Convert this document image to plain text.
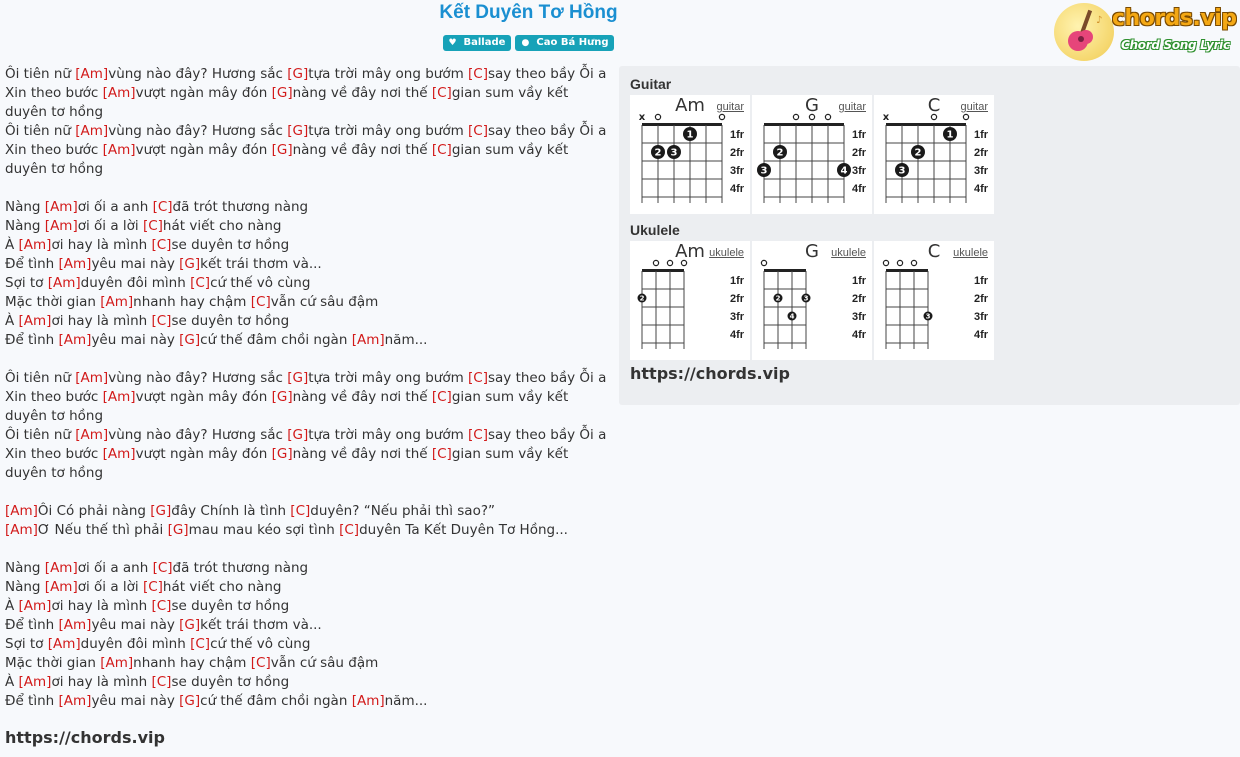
Kết Duyên Tơ Hồng
♥ Ballade ● Cao Bá Hưng
♪ chords.vip
Chord Song Lyric
Ôi tiên nữ [Am]vùng nào đây? Hương sắc [G]tựa trời mây ong bướm [C]say theo bầy Ỗi a
Xin theo bước [Am]vượt ngàn mây đón [G]nàng về đây nơi thế [C]gian sum vầy kết duyên tơ hồng
Ôi tiên nữ [Am]vùng nào đây? Hương sắc [G]tựa trời mây ong bướm [C]say theo bầy Ỗi a
Xin theo bước [Am]vượt ngàn mây đón [G]nàng về đây nơi thế [C]gian sum vầy kết duyên tơ hồng
Nàng [Am]ơi ối a anh [C]đã trót thương nàng
Nàng [Am]ơi ối a lời [C]hát viết cho nàng
À [Am]ơi hay là mình [C]se duyên tơ hồng
Để tình [Am]yêu mai này [G]kết trái thơm và...
Sợi tơ [Am]duyên đôi mình [C]cứ thế vô cùng
Mặc thời gian [Am]nhanh hay chậm [C]vẫn cứ sâu đậm
À [Am]ơi hay là mình [C]se duyên tơ hồng
Để tình [Am]yêu mai này [G]cứ thế đâm chồi ngàn [Am]năm...
Ôi tiên nữ [Am]vùng nào đây? Hương sắc [G]tựa trời mây ong bướm [C]say theo bầy Ỗi a
Xin theo bước [Am]vượt ngàn mây đón [G]nàng về đây nơi thế [C]gian sum vầy kết duyên tơ hồng
Ôi tiên nữ [Am]vùng nào đây? Hương sắc [G]tựa trời mây ong bướm [C]say theo bầy Ỗi a
Xin theo bước [Am]vượt ngàn mây đón [G]nàng về đây nơi thế [C]gian sum vầy kết duyên tơ hồng
[Am]Ôi Có phải nàng [G]đây Chính là tình [C]duyên? “Nếu phải thì sao?”
[Am]Ơ Nếu thế thì phải [G]mau mau kéo sợi tình [C]duyên Ta Kết Duyên Tơ Hồng...
Nàng [Am]ơi ối a anh [C]đã trót thương nàng
Nàng [Am]ơi ối a lời [C]hát viết cho nàng
À [Am]ơi hay là mình [C]se duyên tơ hồng
Để tình [Am]yêu mai này [G]kết trái thơm và...
Sợi tơ [Am]duyên đôi mình [C]cứ thế vô cùng
Mặc thời gian [Am]nhanh hay chậm [C]vẫn cứ sâu đậm
À [Am]ơi hay là mình [C]se duyên tơ hồng
Để tình [Am]yêu mai này [G]cứ thế đâm chồi ngàn [Am]năm...
https://chords.vip
Guitar
Ukulele
https://chords.vip
Am	guitar
1fr
2fr
3fr
4fr
x
1
2 3
G	guitar
1fr
2fr
3fr
4fr
2
3	4
C	guitar
1fr
2fr
3fr
4fr
x
1
2
3
Am ukulele
1fr
2fr
3fr
4fr
2
G	ukulele
1fr
2fr
3fr
4fr
2	3
4
C	ukulele
1fr
2fr
3fr
4fr
3
